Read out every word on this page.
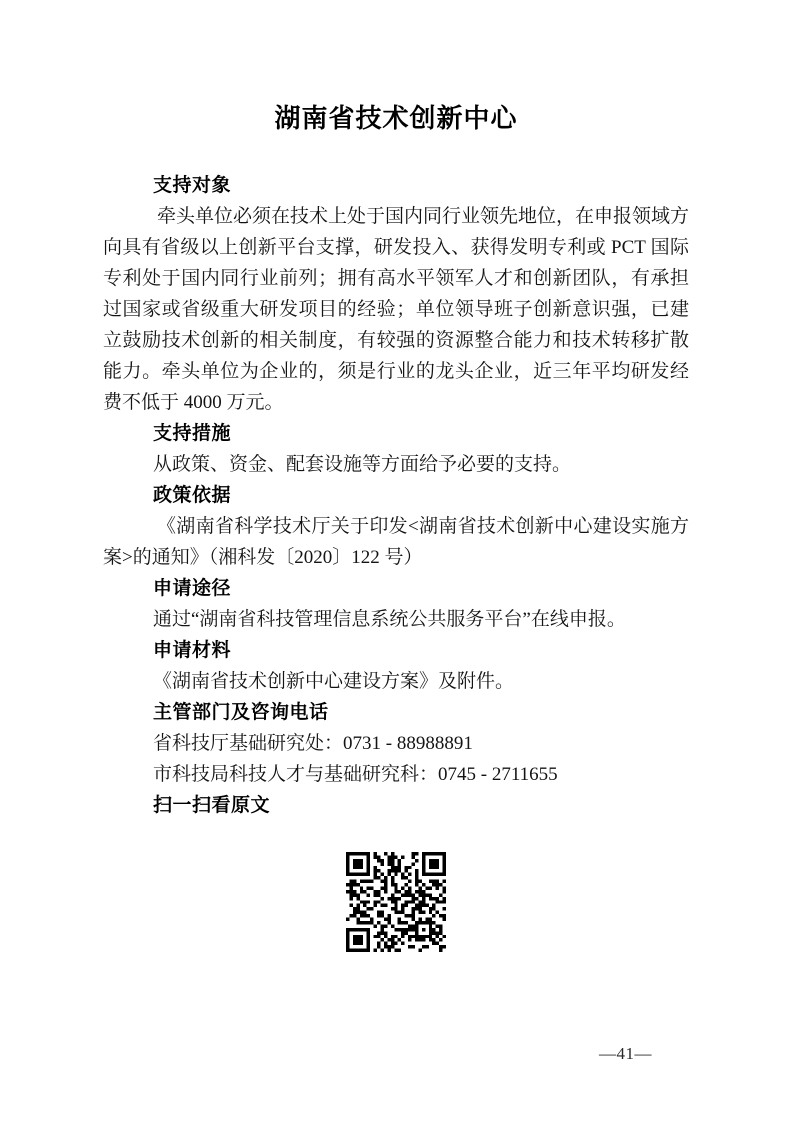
湖南省技术创新中心
支持对象

牵头单位必须在技术上处于国内同行业领先地位，在申报领域方向具有省级以上创新平台支撑，研发投入、获得发明专利或 PCT 国际专利处于国内同行业前列；拥有高水平领军人才和创新团队，有承担过国家或省级重大研发项目的经验；单位领导班子创新意识强，已建立鼓励技术创新的相关制度，有较强的资源整合能力和技术转移扩散能力。牵头单位为企业的，须是行业的龙头企业，近三年平均研发经费不低于 4000 万元。

支持措施

从政策、资金、配套设施等方面给予必要的支持。

政策依据

《湖南省科学技术厅关于印发<湖南省技术创新中心建设实施方案>的通知》（湘科发〔2020〕122 号）

申请途径

通过“湖南省科技管理信息系统公共服务平台”在线申报。

申请材料

《湖南省技术创新中心建设方案》及附件。

主管部门及咨询电话

省科技厅基础研究处：0731 - 88988891

市科技局科技人才与基础研究科：0745 - 2711655

扫一扫看原文
—41—
